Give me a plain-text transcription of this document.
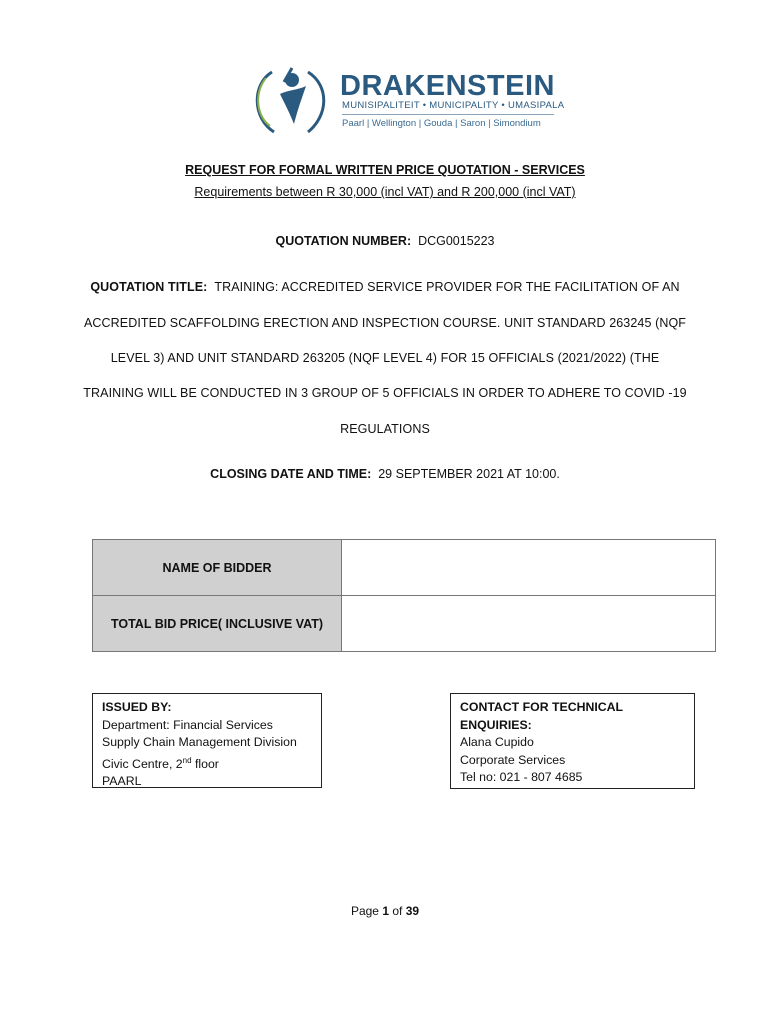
DRAKENSTEIN
MUNISIPALITEIT • MUNICIPALITY • UMASIPALA
Paarl | Wellington | Gouda | Saron | Simondium
REQUEST FOR FORMAL WRITTEN PRICE QUOTATION - SERVICES
Requirements between R 30,000 (incl VAT) and R 200,000 (incl VAT)
QUOTATION NUMBER: DCG0015223
QUOTATION TITLE: TRAINING: ACCREDITED SERVICE PROVIDER FOR THE FACILITATION OF AN
ACCREDITED SCAFFOLDING ERECTION AND INSPECTION COURSE. UNIT STANDARD 263245 (NQF
LEVEL 3) AND UNIT STANDARD 263205 (NQF LEVEL 4) FOR 15 OFFICIALS (2021/2022) (THE
TRAINING WILL BE CONDUCTED IN 3 GROUP OF 5 OFFICIALS IN ORDER TO ADHERE TO COVID -19
REGULATIONS
CLOSING DATE AND TIME: 29 SEPTEMBER 2021 AT 10:00.
NAME OF BIDDER	
TOTAL BID PRICE( INCLUSIVE VAT)	
ISSUED BY:
Department: Financial Services
Supply Chain Management Division
Civic Centre, 2nd floor
PAARL
CONTACT FOR TECHNICAL ENQUIRIES:
Alana Cupido
Corporate Services
Tel no: 021 - 807 4685
Page 1 of 39
